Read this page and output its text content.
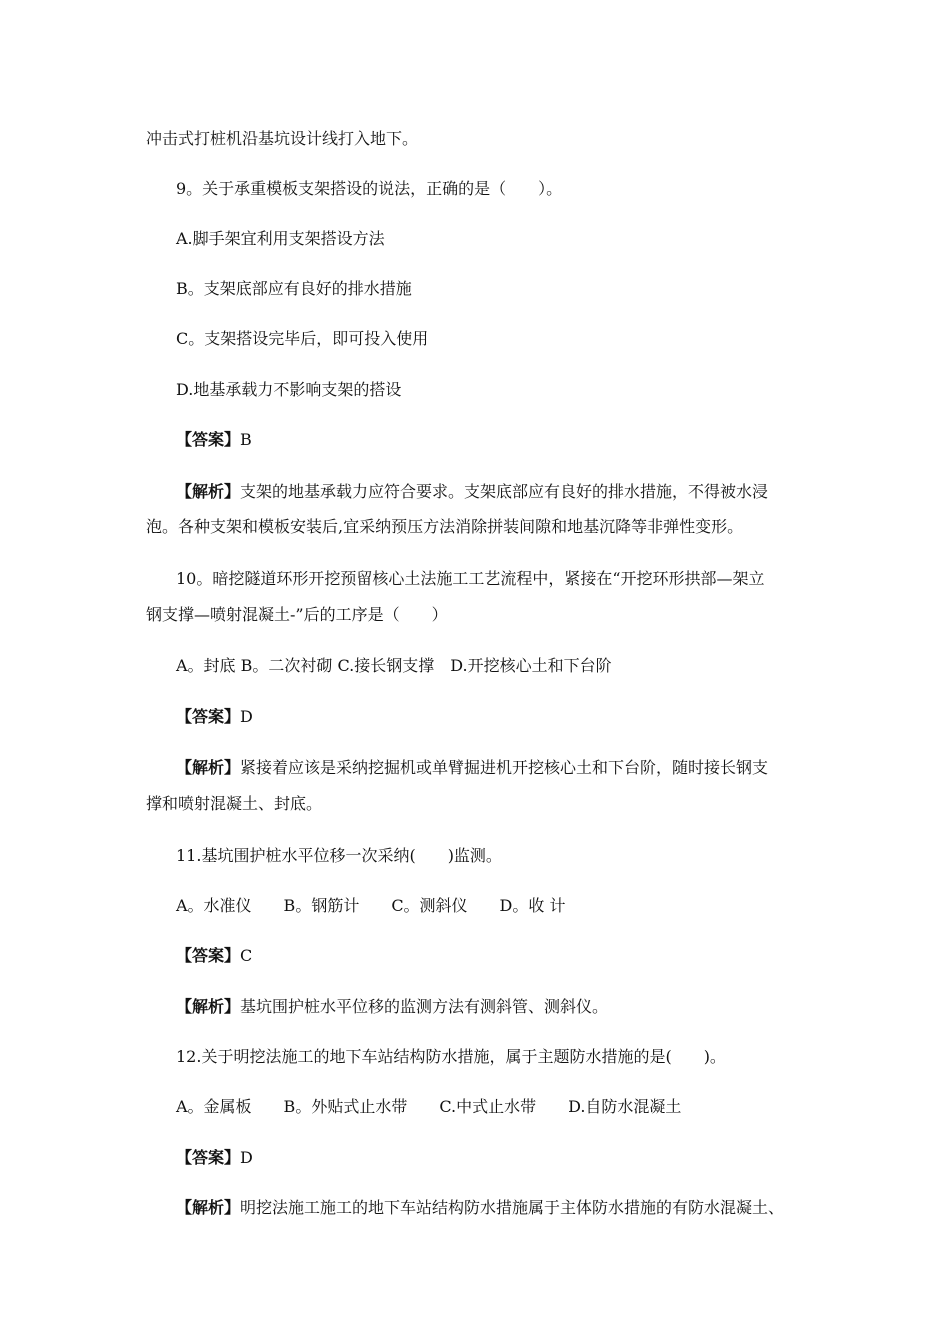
冲击式打桩机沿基坑设计线打入地下。
9。关于承重模板支架搭设的说法，正确的是（　　）。
A.脚手架宜利用支架搭设方法
B。支架底部应有良好的排水措施
C。支架搭设完毕后，即可投入使用
D.地基承载力不影响支架的搭设
【答案】B
【解析】支架的地基承载力应符合要求。支架底部应有良好的排水措施，不得被水浸
泡。各种支架和模板安装后,宜采纳预压方法消除拼装间隙和地基沉降等非弹性变形。
10。暗挖隧道环形开挖预留核心土法施工工艺流程中，紧接在“开挖环形拱部—架立
钢支撑—喷射混凝土-”后的工序是（　　）
A。封底 B。二次衬砌 C.接长钢支撑　D.开挖核心土和下台阶
【答案】D
【解析】紧接着应该是采纳挖掘机或单臂掘进机开挖核心土和下台阶，随时接长钢支
撑和喷射混凝土、封底。
11.基坑围护桩水平位移一次采纳(　　)监测。
A。水准仪　　B。钢筋计　　C。测斜仪　　D。收 计
【答案】C
【解析】基坑围护桩水平位移的监测方法有测斜管、测斜仪。
12.关于明挖法施工的地下车站结构防水措施，属于主题防水措施的是(　　)。
A。金属板　　B。外贴式止水带　　C.中式止水带　　D.自防水混凝土
【答案】D
【解析】明挖法施工施工的地下车站结构防水措施属于主体防水措施的有防水混凝土、
